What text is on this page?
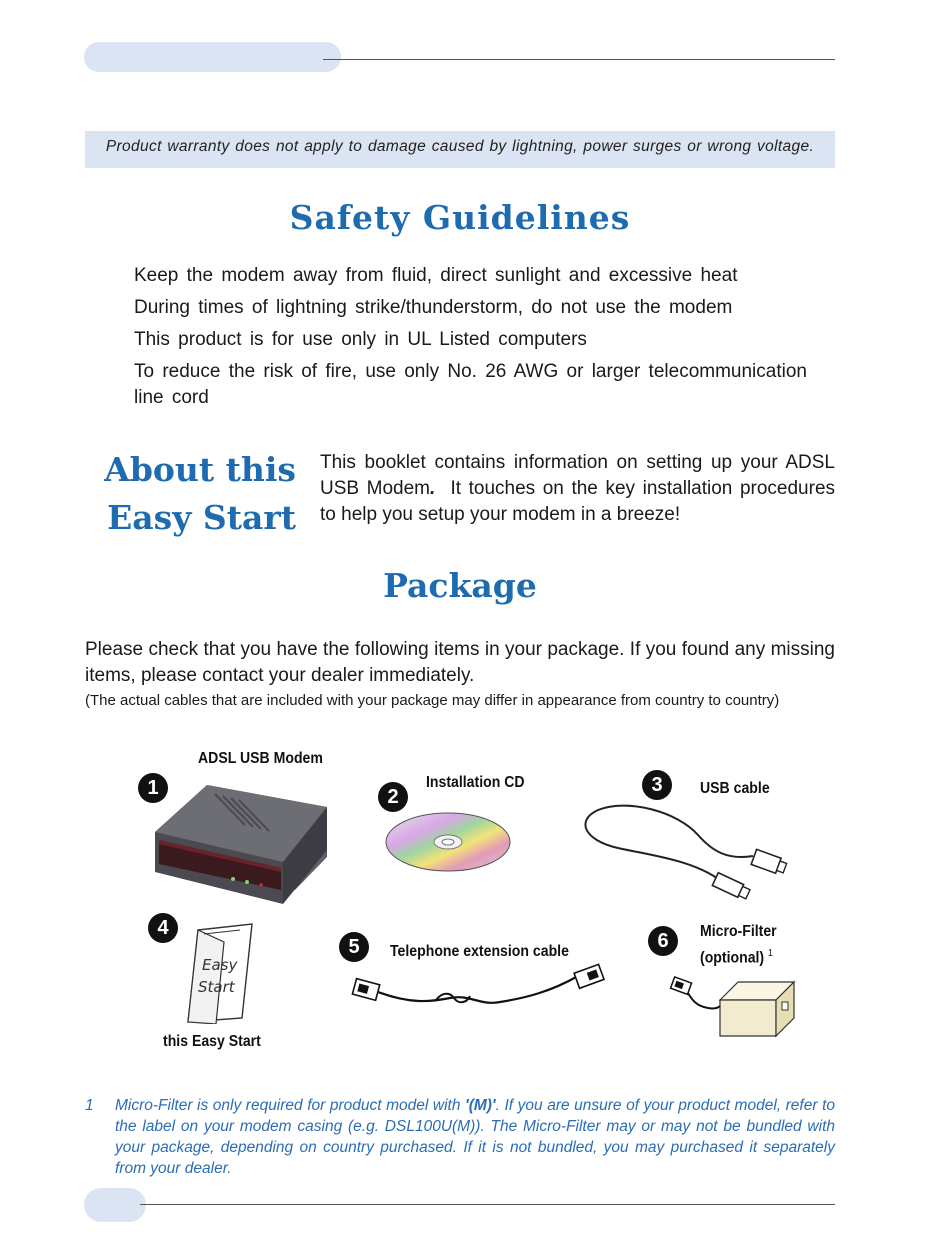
Product warranty does not apply to damage caused by lightning, power surges or wrong voltage.
Safety Guidelines
Keep the modem away from fluid, direct sunlight and excessive heat
During times of lightning strike/thunderstorm, do not use the modem
This product is for use only in UL Listed computers
To reduce the risk of fire, use only No. 26 AWG or larger telecommunication line cord
About this
Easy Start
This booklet contains information on setting up your ADSL USB Modem.  It touches on the key installation procedures to help you setup your modem in a breeze!
Package
Please check that you have the following items in your package. If you found any missing items, please contact your dealer immediately.
(The actual cables that are included with your package may differ in appearance from country to country)
1
ADSL USB Modem
2
Installation CD	3	USB cable
4
Easy
Start
this Easy Start
5	Telephone extension cable	6	Micro-Filter
(optional) $^1$
1 Micro-Filter is only required for product model with '(M)'. If you are unsure of your product model, refer to the label on your modem casing (e.g. DSL100U(M)). The Micro-Filter may or may not be bundled with your package, depending on country purchased. If it is not bundled, you may purchased it separately from your dealer.
